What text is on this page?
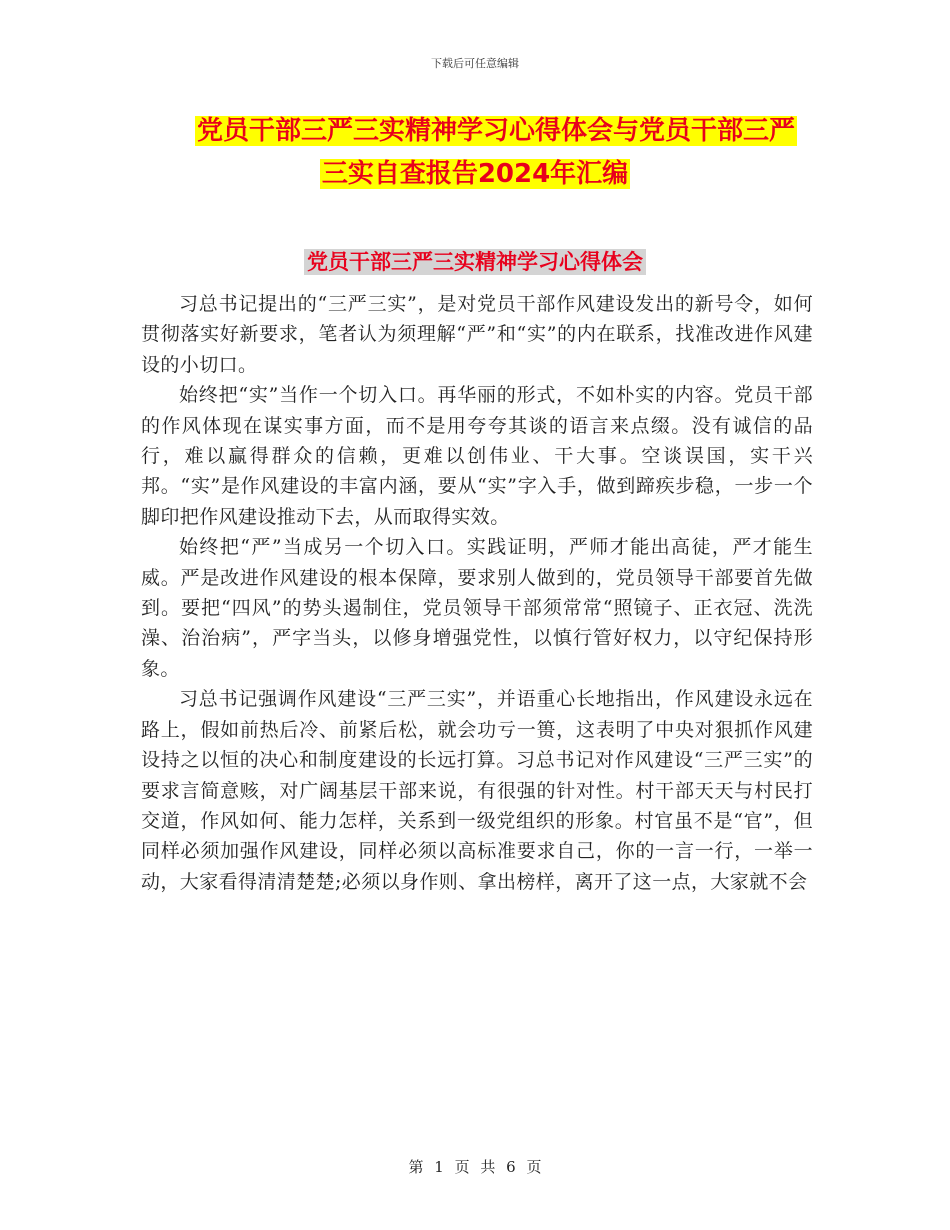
下载后可任意编辑
党员干部三严三实精神学习心得体会与党员干部三严
三实自查报告2024年汇编
党员干部三严三实精神学习心得体会

习总书记提出的“三严三实”，是对党员干部作风建设发出的新号令，如何贯彻落实好新要求，笔者认为须理解“严”和“实”的内在联系，找准改进作风建设的小切口。

始终把“实”当作一个切入口。再华丽的形式，不如朴实的内容。党员干部的作风体现在谋实事方面，而不是用夸夸其谈的语言来点缀。没有诚信的品行，难以赢得群众的信赖，更难以创伟业、干大事。空谈误国，实干兴邦。“实”是作风建设的丰富内涵，要从“实”字入手，做到蹄疾步稳，一步一个脚印把作风建设推动下去，从而取得实效。

始终把“严”当成另一个切入口。实践证明，严师才能出高徒，严才能生威。严是改进作风建设的根本保障，要求别人做到的，党员领导干部要首先做到。要把“四风”的势头遏制住，党员领导干部须常常“照镜子、正衣冠、洗洗澡、治治病”，严字当头，以修身增强党性，以慎行管好权力，以守纪保持形象。

习总书记强调作风建设“三严三实”，并语重心长地指出，作风建设永远在路上，假如前热后冷、前紧后松，就会功亏一篑，这表明了中央对狠抓作风建设持之以恒的决心和制度建设的长远打算。习总书记对作风建设“三严三实”的要求言简意赅，对广阔基层干部来说，有很强的针对性。村干部天天与村民打交道，作风如何、能力怎样，关系到一级党组织的形象。村官虽不是“官”，但同样必须加强作风建设，同样必须以高标准要求自己，你的一言一行，一举一动，大家看得清清楚楚;必须以身作则、拿出榜样，离开了这一点，大家就不会

第 1 页 共 6 页
